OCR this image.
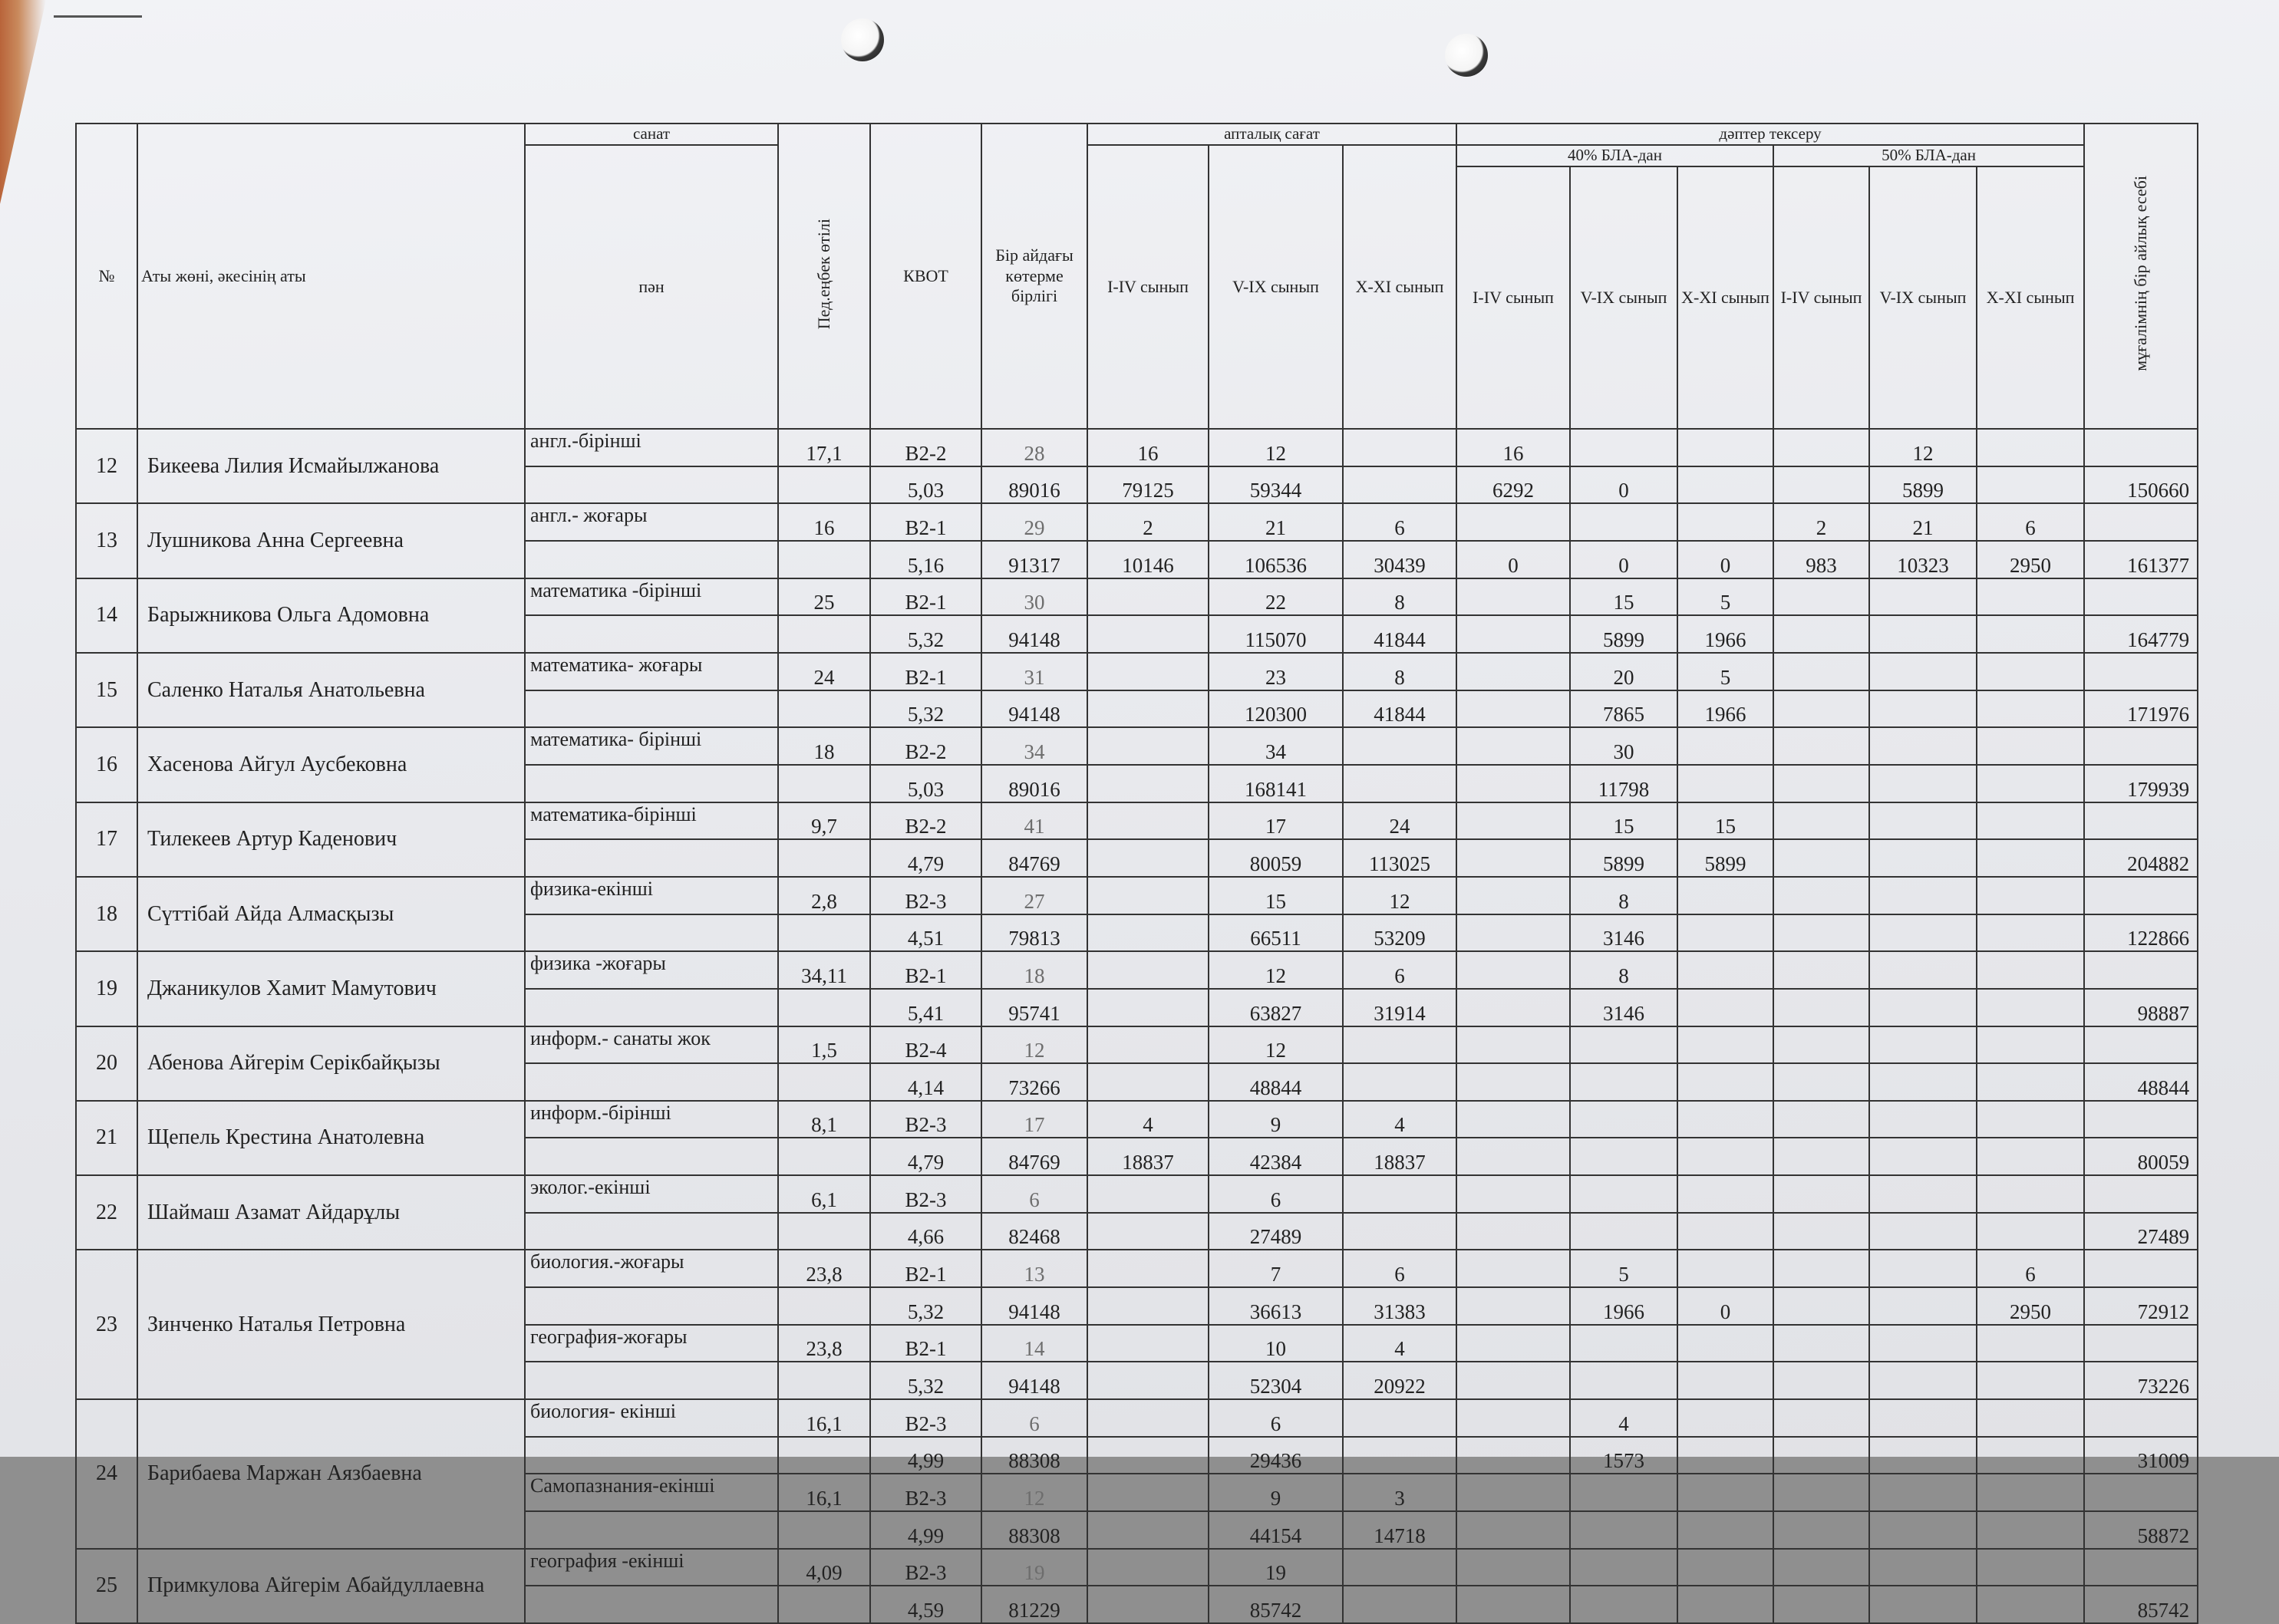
№	Аты жөні, әкесінің аты	санат	Пед.еңбек өтілі	КВОТ	Бір айдағы көтерме бірлігі	апталық сағат			дәптер тексеру						мұғалімнің бір айлық есебі
		пән				I-IV сынып	V-IX сынып	X-XI сынып	40% БЛА-дан			50% БЛА-дан			
									I-IV сынып	V-IX сынып	X-XI сынып	I-IV сынып	V-IX сынып	X-XI сынып	

12	Бикеева Лилия Исмайылжанова	англ.-бірінші	17,1	B2-2	28	16	12		16				12		
				5,03	89016	79125	59344		6292	0			5899		150660
13	Лушникова Анна Сергеевна	англ.- жоғары	16	B2-1	29	2	21	6				2	21	6	
				5,16	91317	10146	106536	30439	0	0	0	983	10323	2950	161377
14	Барыжникова Ольга Адомовна	математика -бірінші	25	B2-1	30		22	8		15	5				
				5,32	94148		115070	41844		5899	1966				164779
15	Саленко Наталья Анатольевна	математика- жоғары	24	B2-1	31		23	8		20	5				
				5,32	94148		120300	41844		7865	1966				171976
16	Хасенова Айгул Аусбековна	математика- бірінші	18	B2-2	34		34			30					
				5,03	89016		168141			11798					179939
17	Тилекеев Артур Каденович	математика-бірінші	9,7	B2-2	41		17	24		15	15				
				4,79	84769		80059	113025		5899	5899				204882
18	Сүттібай Айда Алмасқызы	физика-екінші	2,8	B2-3	27		15	12		8					
				4,51	79813		66511	53209		3146					122866
19	Джаникулов Хамит Мамутович	физика -жоғары	34,11	B2-1	18		12	6		8					
				5,41	95741		63827	31914		3146					98887
20	Абенова Айгерім Серікбайқызы	информ.- санаты жок	1,5	B2-4	12		12								
				4,14	73266		48844								48844
21	Щепель Крестина Анатолевна	информ.-бірінші	8,1	B2-3	17	4	9	4							
				4,79	84769	18837	42384	18837							80059
22	Шаймаш Азамат Айдарұлы	эколог.-екінші	6,1	B2-3	6		6								
				4,66	82468		27489								27489
23	Зинченко Наталья Петровна	биология.-жоғары	23,8	B2-1	13		7	6		5				6	
				5,32	94148		36613	31383		1966	0			2950	72912
		география-жоғары	23,8	B2-1	14		10	4							
				5,32	94148		52304	20922							73226
24	Барибаева Маржан Аязбаевна	биология- екінші	16,1	B2-3	6		6			4					
				4,99	88308		29436			1573					31009
		Самопазнания-екінші	16,1	B2-3	12		9	3							
				4,99	88308		44154	14718							58872
25	Примкулова Айгерім Абайдуллаевна	география -екінші	4,09	B2-3	19		19								
				4,59	81229		85742								85742
